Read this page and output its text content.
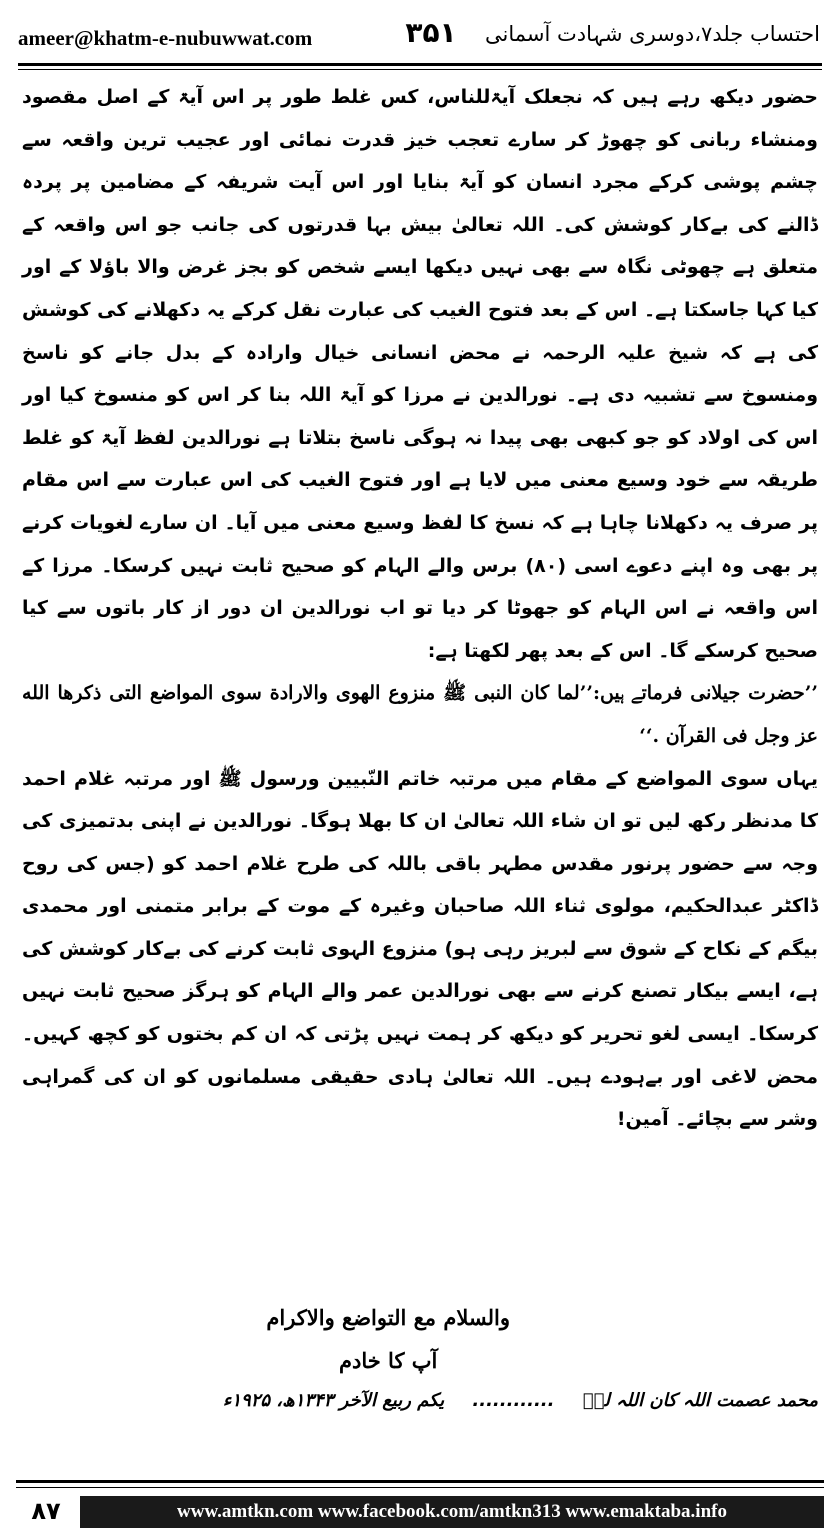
ameer@khatm-e-nubuwwat.com	۳۵۱	احتساب جلد۷،دوسری شہادت آسمانی

حضور دیکھ رہے ہیں کہ نجعلک آیۃللناس، کس غلط طور پر اس آیۃ کے اصل مقصود ومنشاء ربانی کو چھوڑ کر سارے تعجب خیز قدرت نمائی اور عجیب ترین واقعہ سے چشم پوشی کرکے مجرد انسان کو آیۃ بنایا اور اس آیت شریفہ کے مضامین پر پردہ ڈالنے کی بےکار کوشش کی۔ اللہ تعالیٰ بیش بہا قدرتوں کی جانب جو اس واقعہ کے متعلق ہے چھوٹی نگاہ سے بھی نہیں دیکھا ایسے شخص کو بجز غرض والا باؤلا کے اور کیا کہا جاسکتا ہے۔ اس کے بعد فتوح الغیب کی عبارت نقل کرکے یہ دکھلانے کی کوشش کی ہے کہ شیخ علیہ الرحمہ نے محض انسانی خیال وارادہ کے بدل جانے کو ناسخ ومنسوخ سے تشبیہ دی ہے۔ نورالدین نے مرزا کو آیۃ اللہ بنا کر اس کو منسوخ کیا اور اس کی اولاد کو جو کبھی بھی پیدا نہ ہوگی ناسخ بتلاتا ہے نورالدین لفظ آیۃ کو غلط طریقہ سے خود وسیع معنی میں لایا ہے اور فتوح الغیب کی اس عبارت سے اس مقام پر صرف یہ دکھلانا چاہا ہے کہ نسخ کا لفظ وسیع معنی میں آیا۔ ان سارے لغویات کرنے پر بھی وہ اپنے دعوے اسی (۸۰) برس والے الہام کو صحیح ثابت نہیں کرسکا۔ مرزا کے اس واقعہ نے اس الہام کو جھوٹا کر دیا تو اب نورالدین ان دور از کار باتوں سے کیا صحیح کرسکے گا۔ اس کے بعد پھر لکھتا ہے:

’’حضرت جیلانی فرماتے ہیں:’’لما کان النبی ﷺ منزوع الهوی والارادة سوی المواضع التی ذکرها الله عز وجل فی القرآن .‘‘

یہاں سوی المواضع کے مقام میں مرتبہ خاتم النّبیین ورسول ﷺ اور مرتبہ غلام احمد کا مدنظر رکھ لیں تو ان شاء اللہ تعالیٰ ان کا بھلا ہوگا۔ نورالدین نے اپنی بدتمیزی کی وجہ سے حضور پرنور مقدس مطہر باقی باللہ کی طرح غلام احمد کو (جس کی روح ڈاکٹر عبدالحکیم، مولوی ثناء اللہ صاحبان وغیرہ کے موت کے برابر متمنی اور محمدی بیگم کے نکاح کے شوق سے لبریز رہی ہو) منزوع الہوی ثابت کرنے کی بےکار کوشش کی ہے، ایسے بیکار تصنع کرنے سے بھی نورالدین عمر والے الہام کو ہرگز صحیح ثابت نہیں کرسکا۔ ایسی لغو تحریر کو دیکھ کر ہمت نہیں پڑتی کہ ان کم بختوں کو کچھ کہیں۔ محض لاغی اور بےہودے ہیں۔ اللہ تعالیٰ ہادی حقیقی مسلمانوں کو ان کی گمراہی وشر سے بچائے۔ آمین!

والسلام مع التواضع والاکرام
آپ کا خادم
محمد عصمت اللہ کان اللہ لہٗ ............ یکم ربیع الآخر ۱۳۴۳ھ، ۱۹۲۵ء
۸۷	www.amtkn.com www.facebook.com/amtkn313 www.emaktaba.info
